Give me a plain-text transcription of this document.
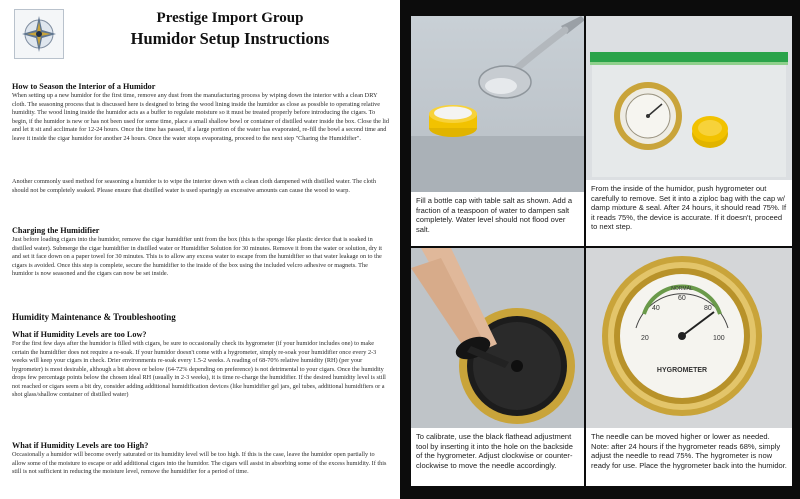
Prestige Import Group
Humidor Setup Instructions
How to Season the Interior of a Humidor
When setting up a new humidor for the first time, remove any dust from the manufacturing process by wiping down the interior with a clean DRY cloth. The seasoning process that is discussed here is designed to bring the wood lining inside the humidor as close as possible to operating relative humidity. The wood lining inside the humidor acts as a buffer to regulate moisture so it must be treated properly before introducing the cigars. To begin, if the humidor is new or has not been used for some time, place a small shallow bowl or container of distilled water inside the box. Close the lid and let it sit and acclimate for 12-24 hours. Once the time has passed, if a large portion of the water has evaporated, re-fill the bowl a second time and leave it inside the cigar humidor for another 24 hours. Once the water stops evaporating, proceed to the next step "Charing the Humidifier".
Another commonly used method for seasoning a humidor is to wipe the interior down with a clean cloth dampened with distilled water. The cloth should not be completely soaked. Please ensure that distilled water is used sparingly as excessive amounts can cause the wood to warp.
Charging the Humidifier
Just before loading cigars into the humidor, remove the cigar humidifier unit from the box (this is the sponge like plastic device that is soaked in distilled water). Submerge the cigar humidifier in distilled water or Humidifier Solution for 30 minutes. Remove it from the water or solution, dry it and set it face down on a paper towel for 30 minutes. This is to allow any excess water to escape from the humidifier so that water leakage on to the cigars is avoided. Once this step is complete, secure the humidifier to the inside of the box using the included velcro adhesive or magnets. The humidor is now seasoned and the cigars can now be set inside.
Humidity Maintenance & Troubleshooting
What if Humidity Levels are too Low?
For the first few days after the humidor is filled with cigars, be sure to occasionally check its hygrometer (if your humidor includes one) to make certain the humidifier does not require a re-soak. If your humidor doesn't come with a hygrometer, simply re-soak your humidifier once every 2-3 weeks will keep your cigars in check. Drier environments re-soak every 1.5-2 weeks. A reading of 68-70% relative humidity (RH) (per your hygrometer) is most desirable, although a bit above or below (64-72% depending on preference) is not detrimental to your cigars. Once the humidity drops few percentage points below the chosen ideal RH (usually in 2-3 weeks), it is time re-charge the humidifier. If the desired humidity level is still not reached or cigars seem a bit dry, consider adding additional humidification devices (like humidifier gel jars, gel tubes, additional humidifiers or a shot glass/shallow container of distilled water)
What if Humidity Levels are too High?
Occasionally a humidor will become overly saturated or its humidity level will be too high. If this is the case, leave the humidor open partially to allow some of the moisture to escape or add additional cigars into the humidor. The cigars will assist in absorbing some of the excess humidity. If this still is not sufficient in reducing the moisture level, remove the humidifier for a period of time.
Fill a bottle cap with table salt as shown. Add a fraction of a teaspoon of water to dampen salt completely. Water level should not flood over salt.
From the inside of the humidor, push hygrometer out carefully to remove. Set it into a ziploc bag with the cap w/ damp mixture & seal. After 24 hours, it should read 75%. If it reads 75%, the device is accurate. If it doesn't, proceed to next step.
To calibrate, use the black flathead adjustment tool by inserting it into the hole on the backside of the hygrometer. Adjust clockwise or counter-clockwise to move the needle accordingly.
20
40
60
80
100
NORMAL
HYGROMETER
The needle can be moved higher or lower as needed. Note: after 24 hours if the hygrometer reads 68%, simply adjust the needle to read 75%. The hygrometer is now ready for use. Place the hygrometer back into the humidor.
